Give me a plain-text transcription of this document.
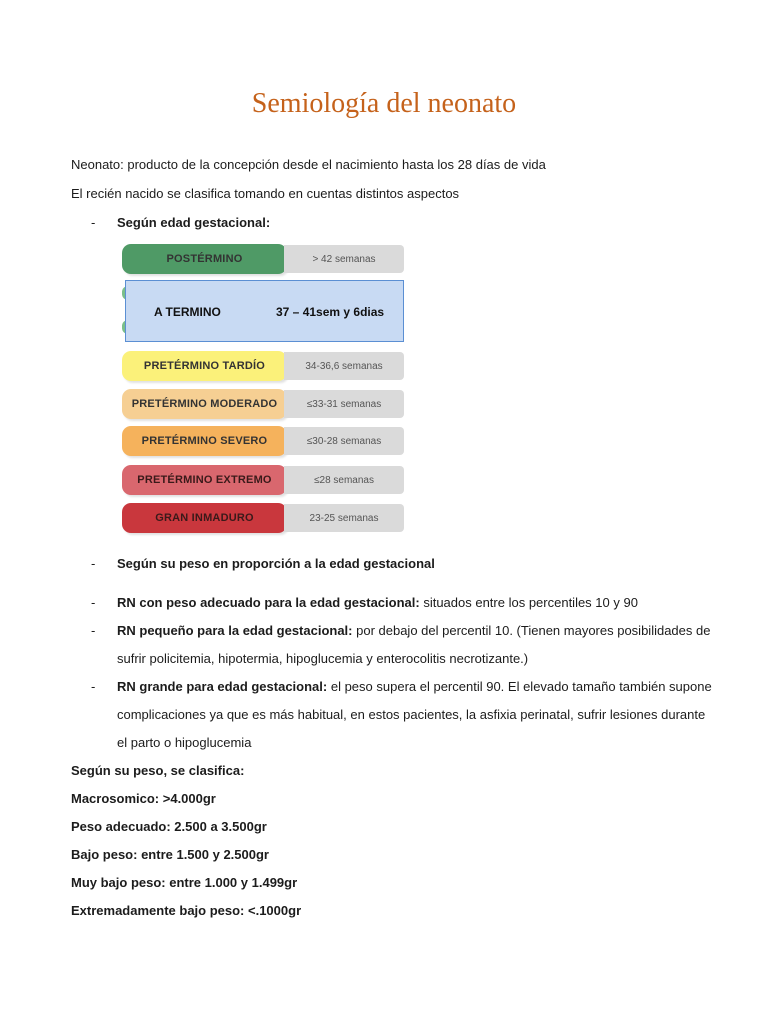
Semiología del neonato
Neonato: producto de la concepción desde el nacimiento hasta los 28 días de vida
El recién nacido se clasifica tomando en cuentas distintos aspectos
- Según edad gestacional:
POSTÉRMINO	> 42 semanas
A TERMINO	37 – 41sem y 6dias
PRETÉRMINO TARDÍO	34-36,6 semanas
PRETÉRMINO MODERADO	≤33-31 semanas
PRETÉRMINO SEVERO	≤30-28 semanas
PRETÉRMINO EXTREMO	≤28 semanas
GRAN INMADURO	23-25 semanas
- Según su peso en proporción a la edad gestacional
- RN con peso adecuado para la edad gestacional: situados entre los percentiles 10 y 90
- RN pequeño para la edad gestacional: por debajo del percentil 10. (Tienen mayores posibilidades de
sufrir policitemia, hipotermia, hipoglucemia y enterocolitis necrotizante.)
- RN grande para edad gestacional: el peso supera el percentil 90. El elevado tamaño también supone
complicaciones ya que es más habitual, en estos pacientes, la asfixia perinatal, sufrir lesiones durante
el parto o hipoglucemia
Según su peso, se clasifica:
Macrosomico: >4.000gr
Peso adecuado: 2.500 a 3.500gr
Bajo peso: entre 1.500 y 2.500gr
Muy bajo peso: entre 1.000 y 1.499gr
Extremadamente bajo peso: <.1000gr
